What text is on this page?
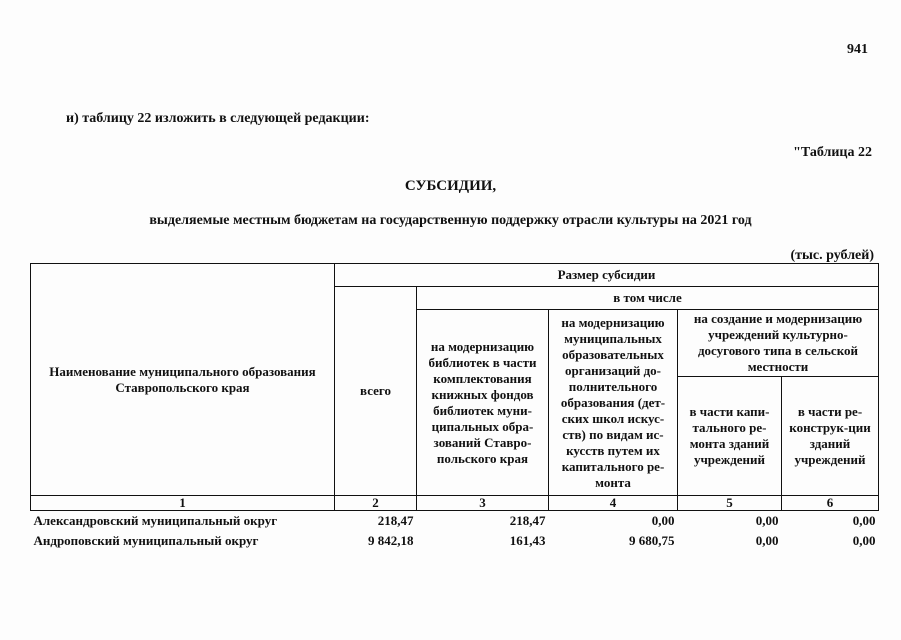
941
и) таблицу 22 изложить в следующей редакции:
"Таблица 22
СУБСИДИИ,
выделяемые местным бюджетам на государственную поддержку отрасли культуры на 2021 год
(тыс. рублей)
Наименование муниципального образования Ставропольского края	Размер субсидии				
	всего	в том числе			
		на модернизацию библиотек в части комплектования книжных фондов библиотек муни-ципальных обра-зований Ставро-польского края	на модернизацию муниципальных образовательных организаций до-полнительного образования (дет-ских школ искус-ств) по видам ис-кусств путем их капитального ре-монта	на создание и модернизацию учреждений культурно-досугового типа в сельской местности	
				в части капи-тального ре-монта зданий учреждений	в части ре-конструк-ции зданий учреждений
1	2	3	4	5	6
Александровский муниципальный округ	218,47	218,47	0,00	0,00	0,00
Андроповский муниципальный округ	9 842,18	161,43	9 680,75	0,00	0,00
